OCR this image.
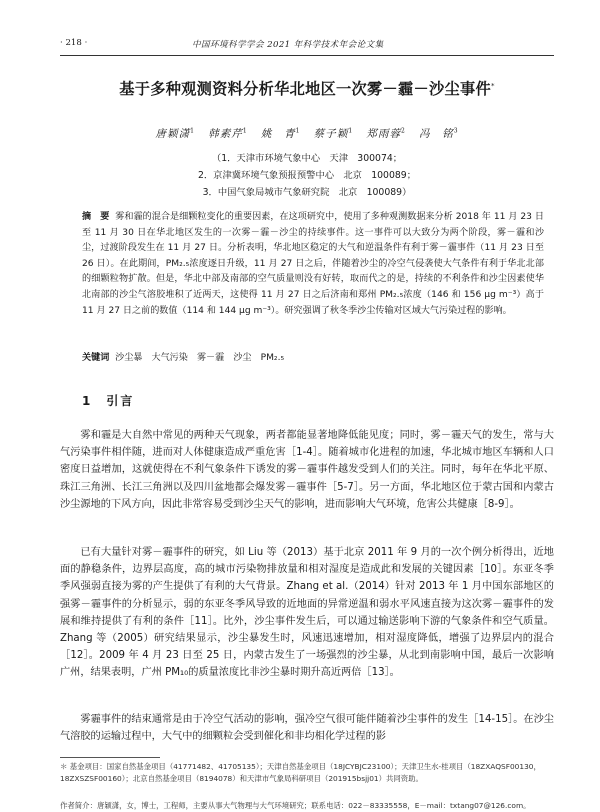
· 218 ·	中国环境科学学会 2021 年科学技术年会论文集
基于多种观测资料分析华北地区一次雾－霾－沙尘事件*
唐颖潇$^1$ 韩素芹$^1$ 姚　青$^1$ 蔡子颖$^1$ 郑雨蓉$^2$ 冯　铭$^3$
（1．天津市环境气象中心　天津　300074；
2．京津冀环境气象预报预警中心　北京　100089；
3．中国气象局城市气象研究院　北京　100089）
摘　要 雾和霾的混合是细颗粒变化的重要因素，在这项研究中，使用了多种观测数据来分析 2018 年 11 月 23 日至 11 月 30 日在华北地区发生的一次雾－霾－沙尘的持续事件。这一事件可以大致分为两个阶段，雾－霾和沙尘，过渡阶段发生在 11 月 27 日。分析表明，华北地区稳定的大气和逆温条件有利于雾－霾事件（11 月 23 日至 26 日）。在此期间，PM₂.₅浓度逐日升级，11 月 27 日之后，伴随着沙尘的冷空气侵袭使大气条件有利于华北北部的细颗粒物扩散。但是，华北中部及南部的空气质量则没有好转，取而代之的是，持续的不利条件和沙尘因素使华北南部的沙尘气溶胶堆积了近两天，这使得 11 月 27 日之后济南和郑州 PM₂.₅浓度（146 和 156 μg m⁻³）高于 11 月 27 日之前的数值（114 和 144 μg m⁻³）。研究强调了秋冬季沙尘传输对区域大气污染过程的影响。
关键词 沙尘暴　大气污染　雾－霾　沙尘　PM₂.₅
1　引言
雾和霾是大自然中常见的两种天气现象，两者都能显著地降低能见度；同时，雾－霾天气的发生，常与大气污染事件相伴随，进而对人体健康造成严重危害［1-4］。随着城市化进程的加速，华北城市地区车辆和人口密度日益增加，这就使得在不利气象条件下诱发的雾－霾事件越发受到人们的关注。同时，每年在华北平原、珠江三角洲、长江三角洲以及四川盆地都会爆发雾－霾事件［5-7］。另一方面，华北地区位于蒙古国和内蒙古沙尘源地的下风方向，因此非常容易受到沙尘天气的影响，进而影响大气环境，危害公共健康［8-9］。
已有大量针对雾－霾事件的研究，如 Liu 等（2013）基于北京 2011 年 9 月的一次个例分析得出，近地面的静稳条件，边界层高度，高的城市污染物排放量和相对湿度是造成此和发展的关键因素［10］。东亚冬季季风强弱直接为雾的产生提供了有利的大气背景。Zhang et al.（2014）针对 2013 年 1 月中国东部地区的强雾－霾事件的分析显示，弱的东亚冬季风导致的近地面的异常逆温和弱水平风速直接为这次雾－霾事件的发展和维持提供了有利的条件［11］。比外，沙尘事件发生后，可以通过输送影响下游的气象条件和空气质量。Zhang 等（2005）研究结果显示，沙尘暴发生时，风速迅速增加，相对湿度降低，增强了边界层内的混合［12］。2009 年 4 月 23 日至 25 日，内蒙古发生了一场强烈的沙尘暴，从北到南影响中国，最后一次影响广州，结果表明，广州 PM₁₀的质量浓度比非沙尘暴时期升高近两倍［13］。
雾霾事件的结束通常是由于冷空气活动的影响，强冷空气很可能伴随着沙尘事件的发生［14-15］。在沙尘气溶胶的运输过程中，大气中的细颗粒会受到催化和非均相化学过程的影
＊ 基金项目：国家自然基金项目（41771482、41705135）；天津自然基金项目（18JCYBJC23100）；天津卫生水-桂项目（18ZXAQSF00130，18ZXSZSF00160）；北京自然基金项目（8194078）和天津市气象局科研项目（201915bsjj01）共同资助。
作者简介：唐颖潇，女，博士，工程师，主要从事大气物理与大气环境研究；联系电话：022－83335558，E－mail：txtang07@126.com。
